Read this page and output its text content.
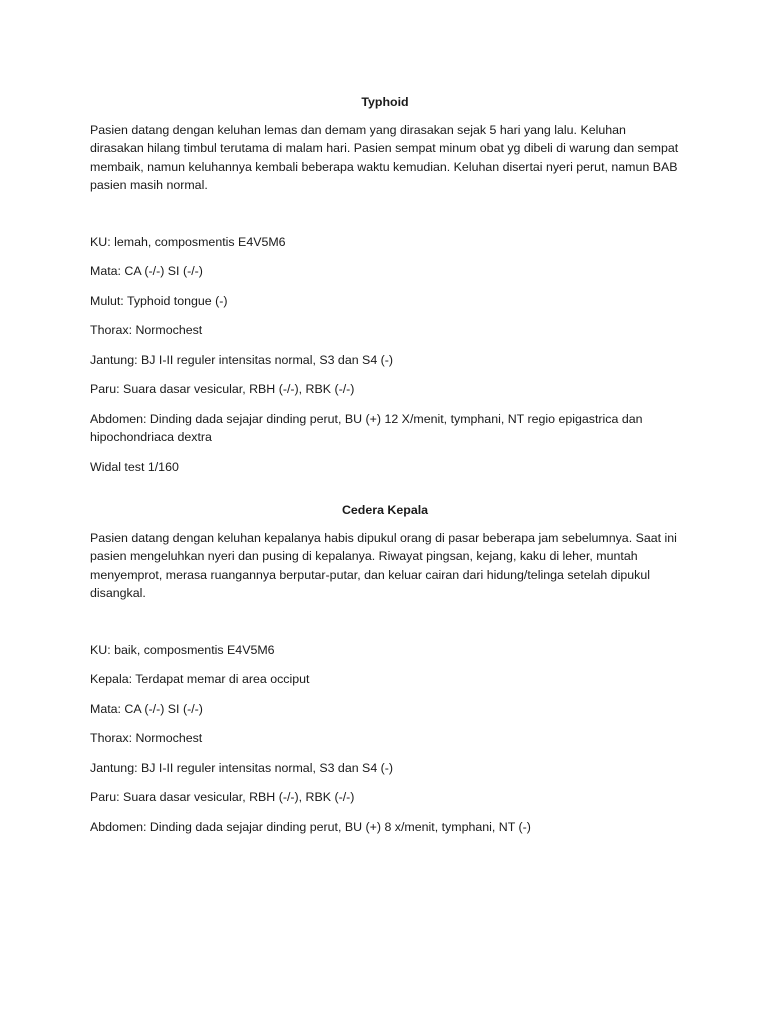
Typhoid

Pasien datang dengan keluhan lemas dan demam yang dirasakan sejak 5 hari yang lalu. Keluhan dirasakan hilang timbul terutama di malam hari. Pasien sempat minum obat yg dibeli di warung dan sempat membaik, namun keluhannya kembali beberapa waktu kemudian. Keluhan disertai nyeri perut, namun BAB pasien masih normal.

KU: lemah, composmentis E4V5M6

Mata: CA (-/-) SI (-/-)

Mulut: Typhoid tongue (-)

Thorax: Normochest

Jantung: BJ I-II reguler intensitas normal, S3 dan S4 (-)

Paru: Suara dasar vesicular, RBH (-/-), RBK (-/-)

Abdomen: Dinding dada sejajar dinding perut, BU (+) 12 X/menit, tymphani, NT regio epigastrica dan hipochondriaca dextra

Widal test 1/160

Cedera Kepala

Pasien datang dengan keluhan kepalanya habis dipukul orang di pasar beberapa jam sebelumnya. Saat ini pasien mengeluhkan nyeri dan pusing di kepalanya. Riwayat pingsan, kejang, kaku di leher, muntah menyemprot, merasa ruangannya berputar-putar, dan keluar cairan dari hidung/telinga setelah dipukul disangkal.

KU: baik, composmentis E4V5M6

Kepala: Terdapat memar di area occiput

Mata: CA (-/-) SI (-/-)

Thorax: Normochest

Jantung: BJ I-II reguler intensitas normal, S3 dan S4 (-)

Paru: Suara dasar vesicular, RBH (-/-), RBK (-/-)

Abdomen: Dinding dada sejajar dinding perut, BU (+) 8 x/menit, tymphani, NT (-)
